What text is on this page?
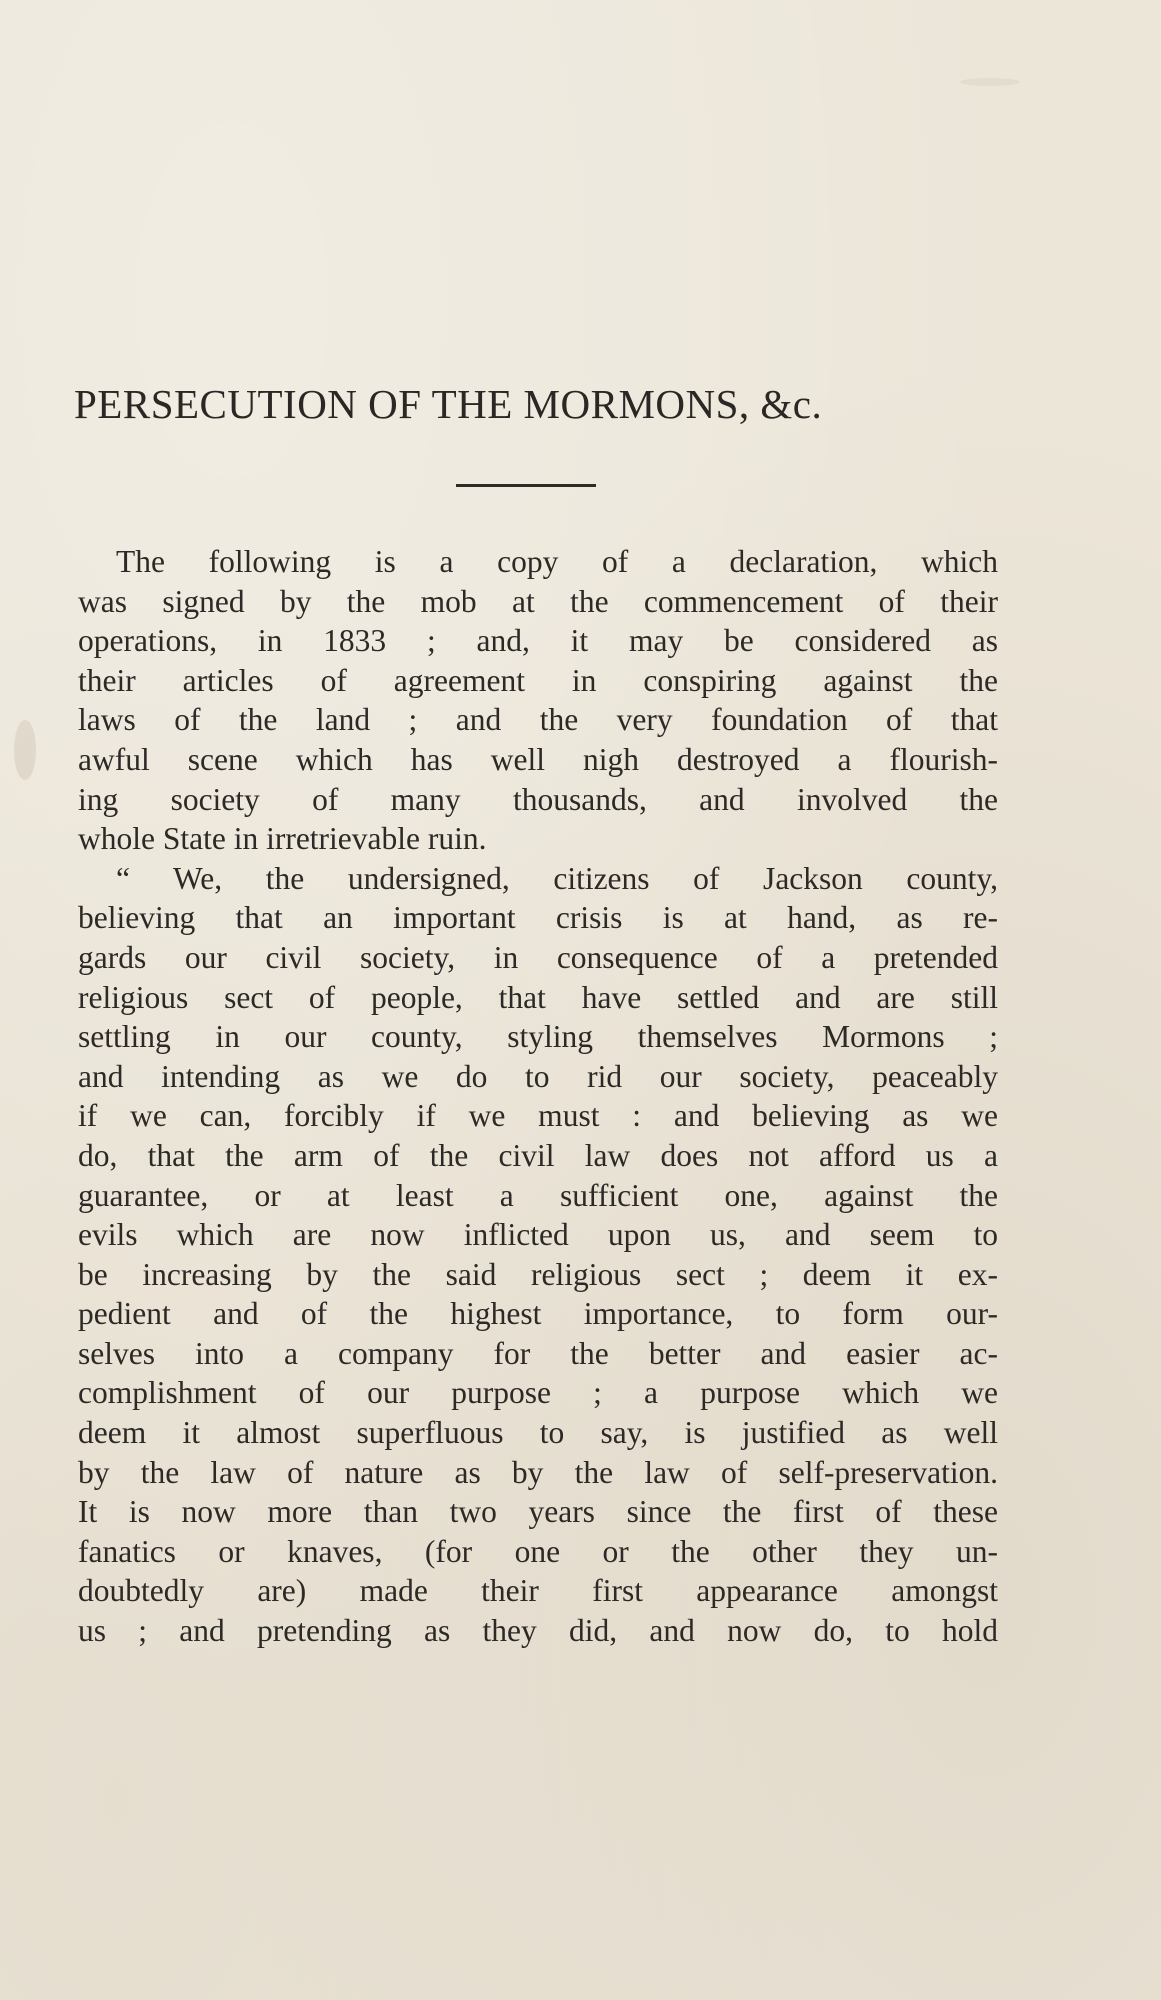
PERSECUTION OF THE MORMONS, &c.
The following is a copy of a declaration, which
was signed by the mob at the commencement of their
operations, in 1833 ; and, it may be considered as
their articles of agreement in conspiring against the
laws of the land ; and the very foundation of that
awful scene which has well nigh destroyed a flourish-
ing society of many thousands, and involved the
whole State in irretrievable ruin.
“ We, the undersigned, citizens of Jackson county,
believing that an important crisis is at hand, as re-
gards our civil society, in consequence of a pretended
religious sect of people, that have settled and are still
settling in our county, styling themselves Mormons ;
and intending as we do to rid our society, peaceably
if we can, forcibly if we must : and believing as we
do, that the arm of the civil law does not afford us a
guarantee, or at least a sufficient one, against the
evils which are now inflicted upon us, and seem to
be increasing by the said religious sect ; deem it ex-
pedient and of the highest importance, to form our-
selves into a company for the better and easier ac-
complishment of our purpose ; a purpose which we
deem it almost superfluous to say, is justified as well
by the law of nature as by the law of self-preservation.
It is now more than two years since the first of these
fanatics or knaves, (for one or the other they un-
doubtedly are) made their first appearance amongst
us ; and pretending as they did, and now do, to hold
